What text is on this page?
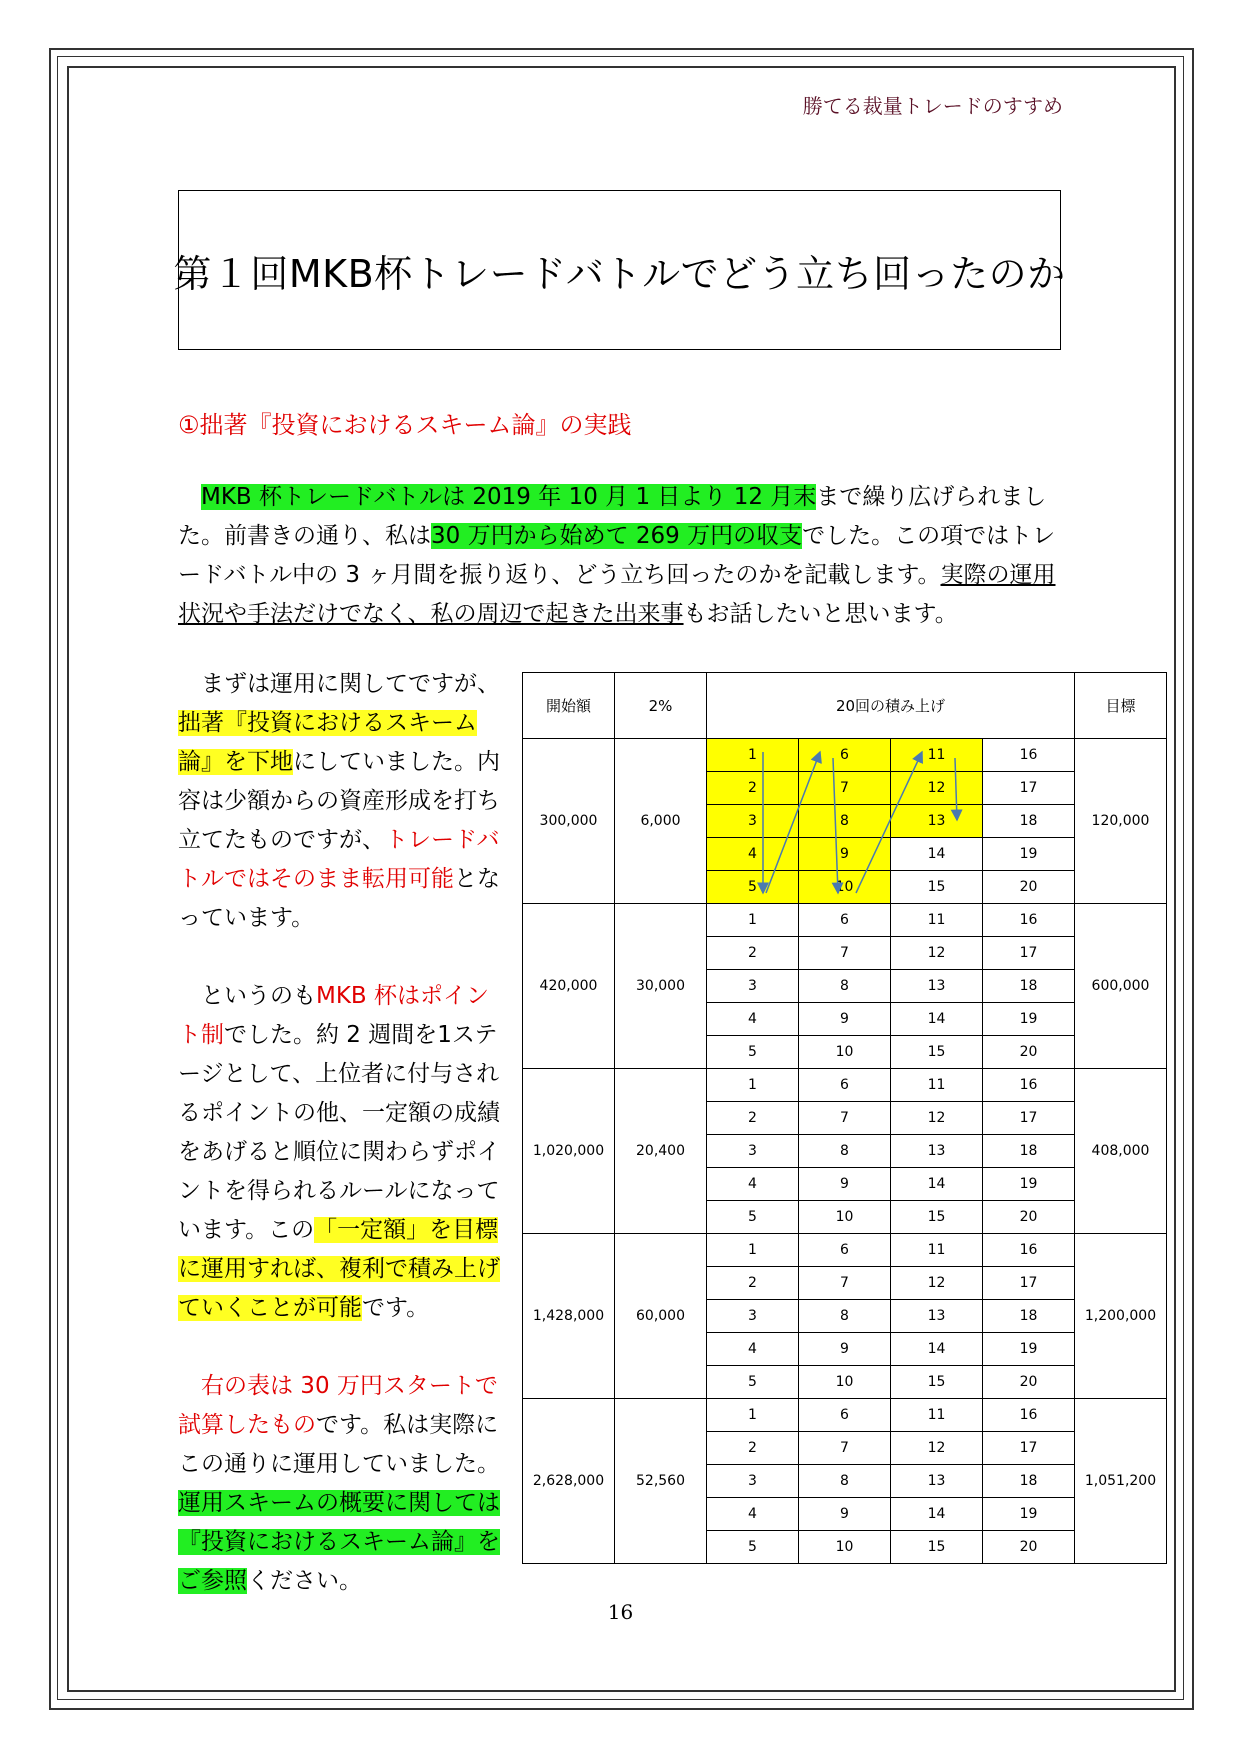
勝てる裁量トレードのすすめ
第１回MKB杯トレードバトルでどう立ち回ったのか
①拙著『投資におけるスキーム論』の実践
　MKB 杯トレードバトルは 2019 年 10 月 1 日より 12 月末まで繰り広げられました。前書きの通り、私は30 万円から始めて 269 万円の収支でした。この項ではトレードバトル中の 3 ヶ月間を振り返り、どう立ち回ったのかを記載します。実際の運用状況や手法だけでなく、私の周辺で起きた出来事もお話したいと思います。
　まずは運用に関してですが、拙著『投資におけるスキーム論』を下地にしていました。内容は少額からの資産形成を打ち立てたものですが、トレードバトルではそのまま転用可能となっています。
　というのもMKB 杯はポイント制でした。約 2 週間を1ステージとして、上位者に付与されるポイントの他、一定額の成績をあげると順位に関わらずポイントを得られるルールになっています。この「一定額」を目標に運用すれば、複利で積み上げていくことが可能です。
　右の表は 30 万円スタートで試算したものです。私は実際にこの通りに運用していました。運用スキームの概要に関しては『投資におけるスキーム論』をご参照ください。
開始額	2%	20回の積み上げ				目標
300,000	6,000	1	6	11	16	120,000
		2	7	12	17	
		3	8	13	18	
		4	9	14	19	
		5	10	15	20	
420,000	30,000	1	6	11	16	600,000
		2	7	12	17	
		3	8	13	18	
		4	9	14	19	
		5	10	15	20	
1,020,000	20,400	1	6	11	16	408,000
		2	7	12	17	
		3	8	13	18	
		4	9	14	19	
		5	10	15	20	
1,428,000	60,000	1	6	11	16	1,200,000
		2	7	12	17	
		3	8	13	18	
		4	9	14	19	
		5	10	15	20	
2,628,000	52,560	1	6	11	16	1,051,200
		2	7	12	17	
		3	8	13	18	
		4	9	14	19	
		5	10	15	20	
16
